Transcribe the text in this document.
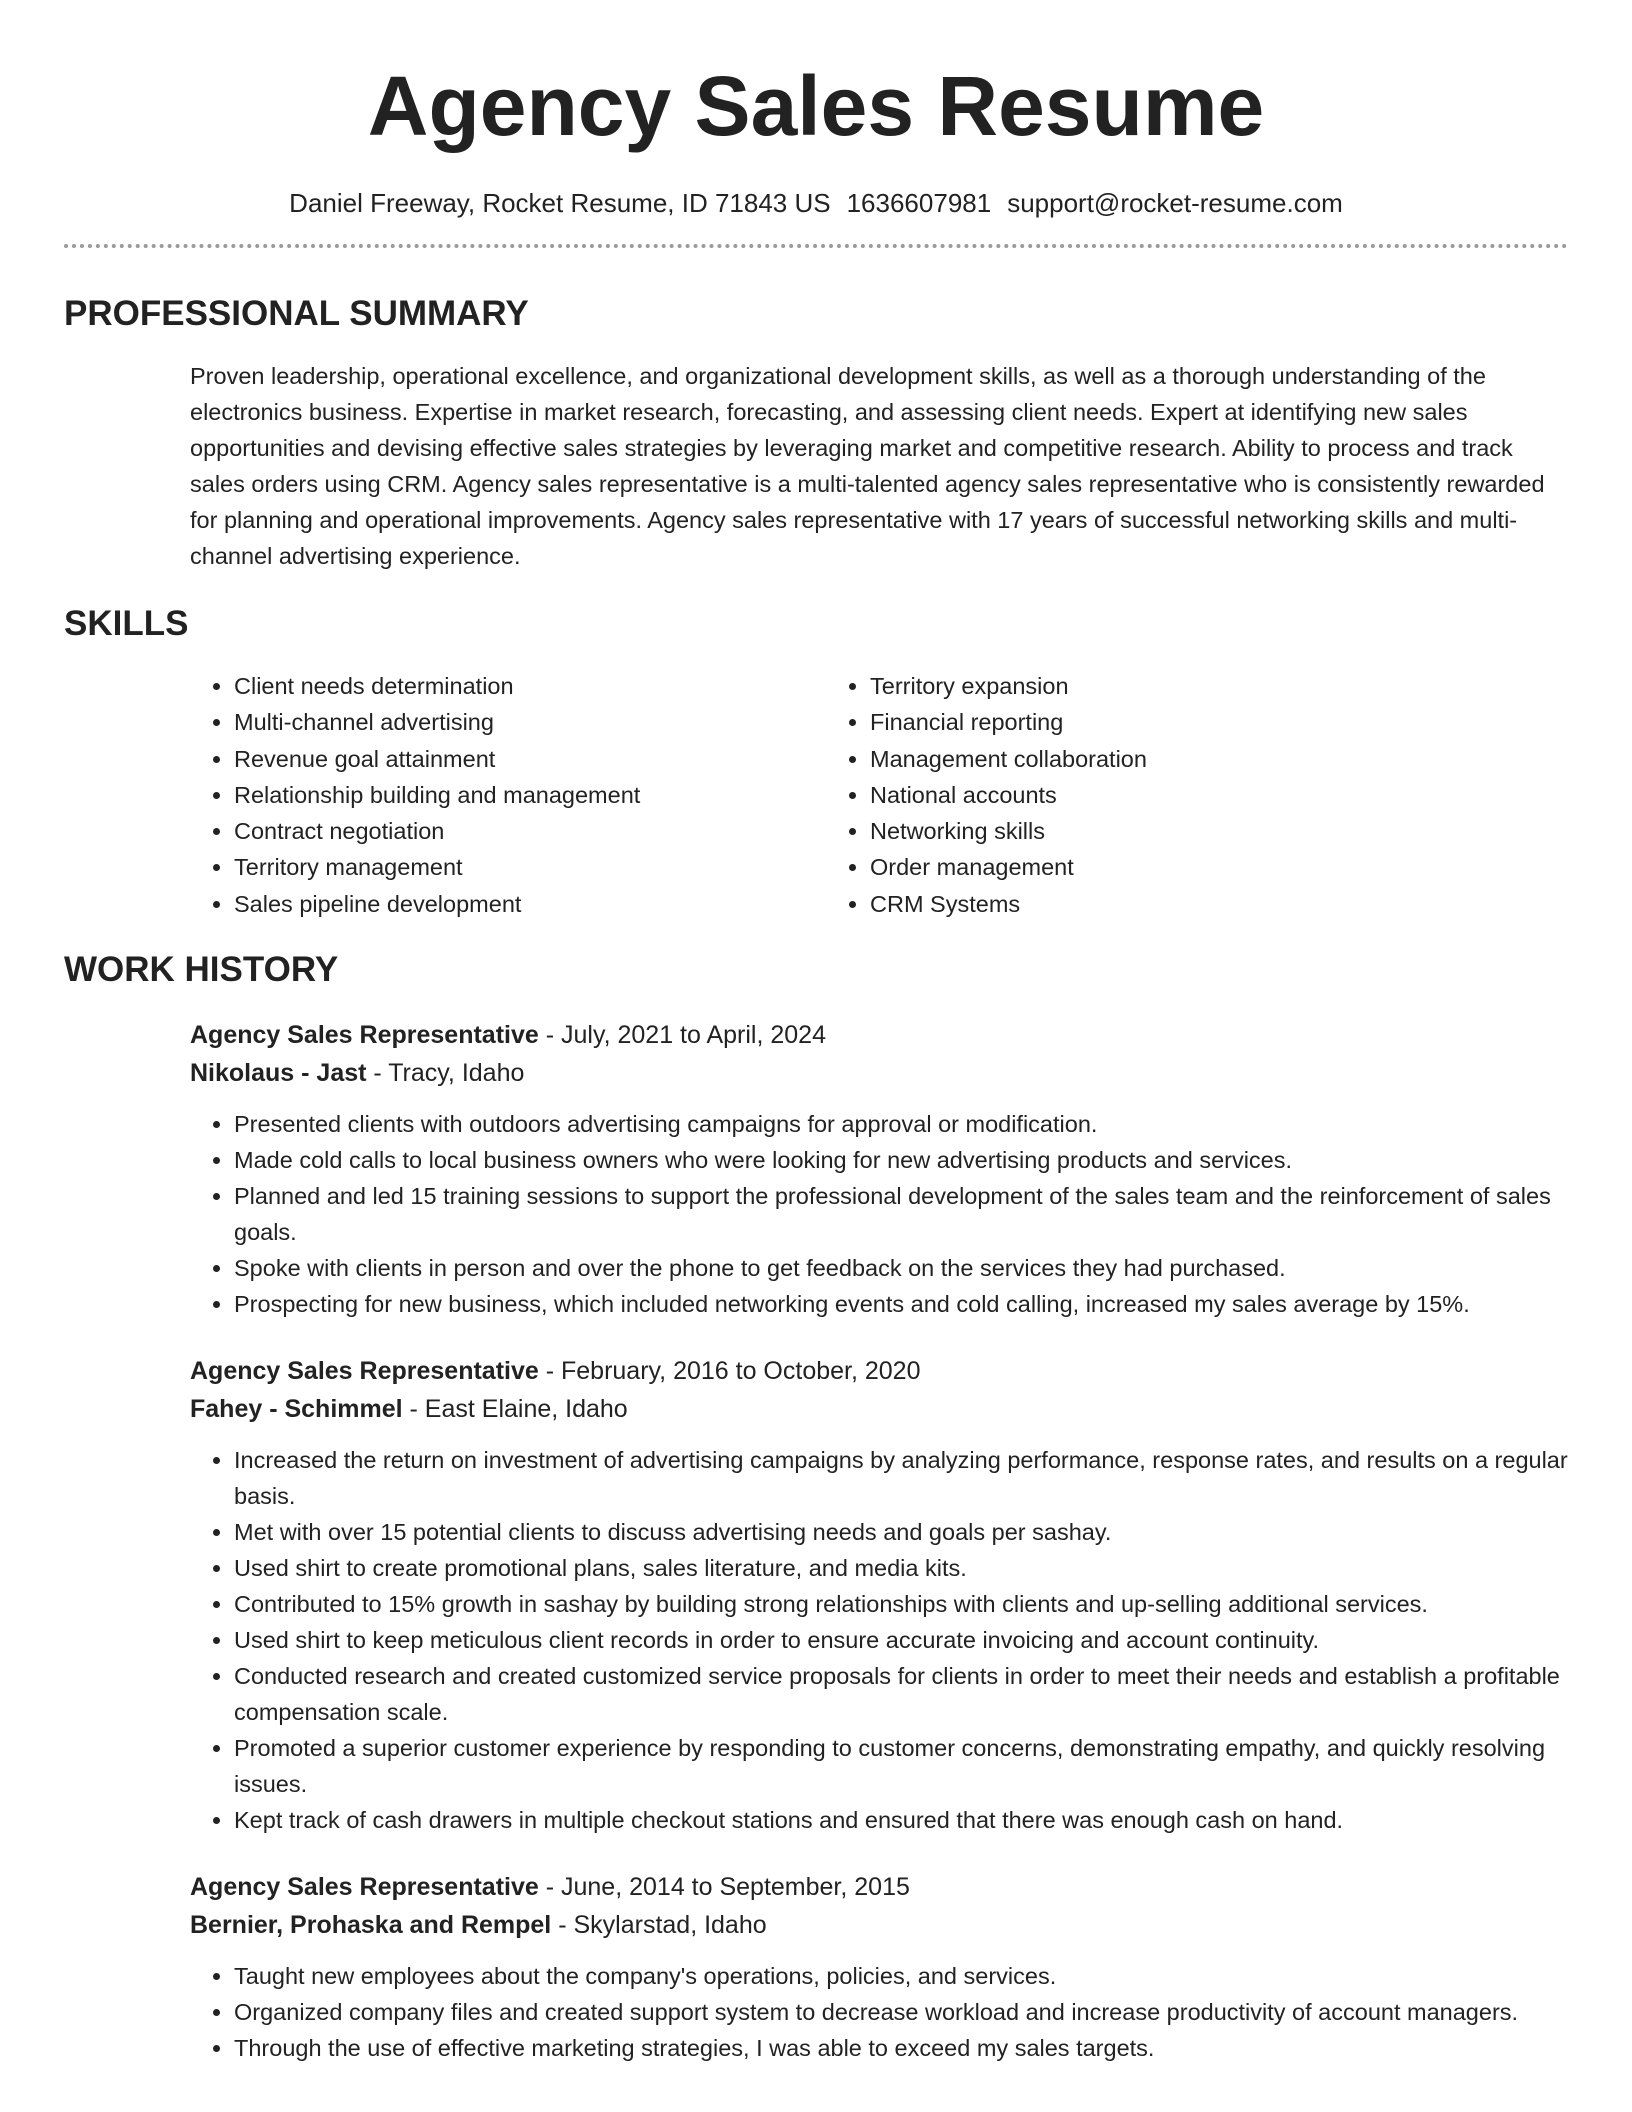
Agency Sales Resume
Daniel Freeway, Rocket Resume, ID 71843 US 1636607981 support@rocket-resume.com
PROFESSIONAL SUMMARY

Proven leadership, operational excellence, and organizational development skills, as well as a thorough understanding of the electronics business. Expertise in market research, forecasting, and assessing client needs. Expert at identifying new sales opportunities and devising effective sales strategies by leveraging market and competitive research. Ability to process and track sales orders using CRM. Agency sales representative is a multi-talented agency sales representative who is consistently rewarded for planning and operational improvements. Agency sales representative with 17 years of successful networking skills and multi-channel advertising experience.

SKILLS
• Client needs determination
• Multi-channel advertising
• Revenue goal attainment
• Relationship building and management
• Contract negotiation
• Territory management
• Sales pipeline development
• Territory expansion
• Financial reporting
• Management collaboration
• National accounts
• Networking skills
• Order management
• CRM Systems
WORK HISTORY
Agency Sales Representative - July, 2021 to April, 2024
Nikolaus - Jast - Tracy, Idaho
• Presented clients with outdoors advertising campaigns for approval or modification.
• Made cold calls to local business owners who were looking for new advertising products and services.
• Planned and led 15 training sessions to support the professional development of the sales team and the reinforcement of sales goals.
• Spoke with clients in person and over the phone to get feedback on the services they had purchased.
• Prospecting for new business, which included networking events and cold calling, increased my sales average by 15%.
Agency Sales Representative - February, 2016 to October, 2020
Fahey - Schimmel - East Elaine, Idaho
• Increased the return on investment of advertising campaigns by analyzing performance, response rates, and results on a regular basis.
• Met with over 15 potential clients to discuss advertising needs and goals per sashay.
• Used shirt to create promotional plans, sales literature, and media kits.
• Contributed to 15% growth in sashay by building strong relationships with clients and up-selling additional services.
• Used shirt to keep meticulous client records in order to ensure accurate invoicing and account continuity.
• Conducted research and created customized service proposals for clients in order to meet their needs and establish a profitable compensation scale.
• Promoted a superior customer experience by responding to customer concerns, demonstrating empathy, and quickly resolving issues.
• Kept track of cash drawers in multiple checkout stations and ensured that there was enough cash on hand.
Agency Sales Representative - June, 2014 to September, 2015
Bernier, Prohaska and Rempel - Skylarstad, Idaho
• Taught new employees about the company's operations, policies, and services.
• Organized company files and created support system to decrease workload and increase productivity of account managers.
• Through the use of effective marketing strategies, I was able to exceed my sales targets.
